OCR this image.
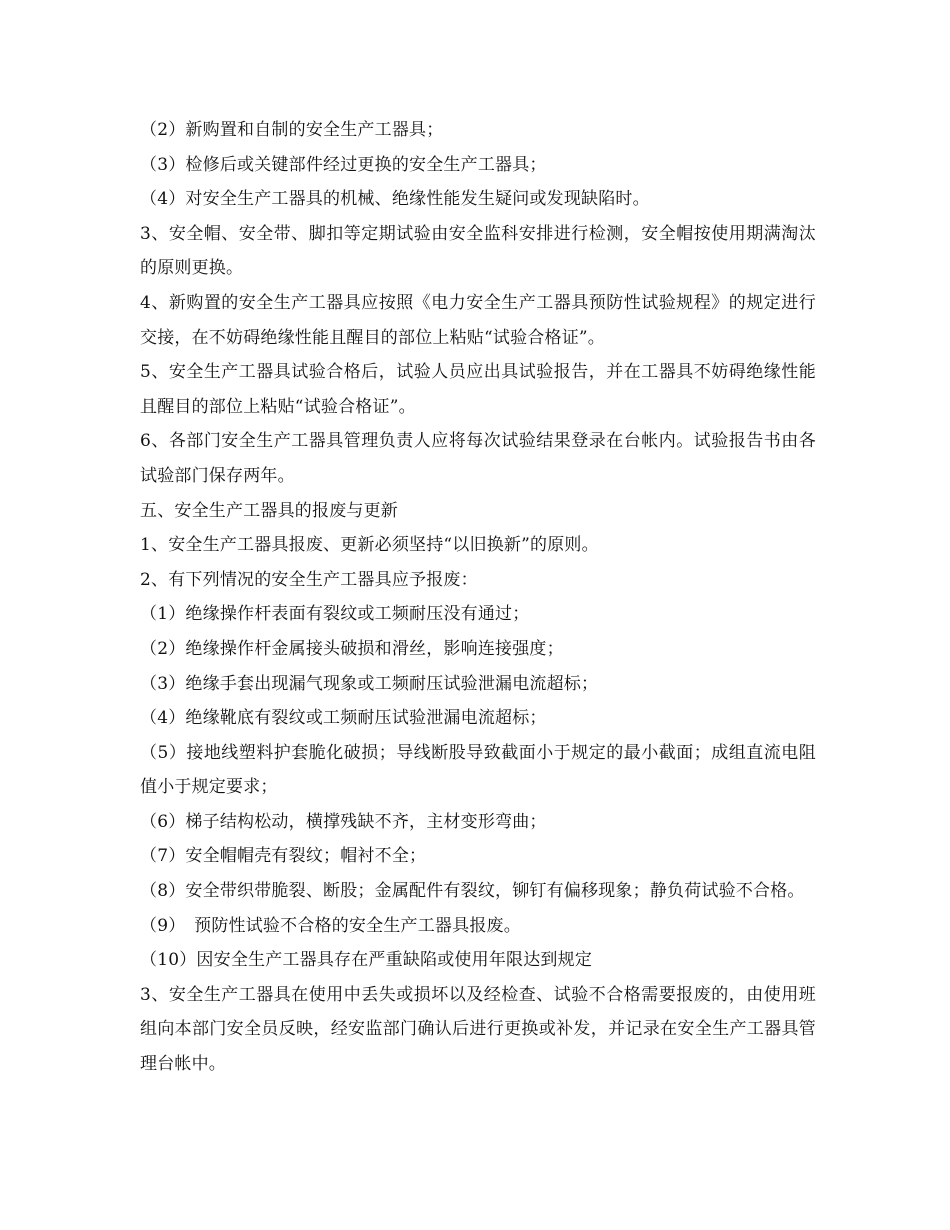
（2）新购置和自制的安全生产工器具；

（3）检修后或关键部件经过更换的安全生产工器具；

（4）对安全生产工器具的机械、绝缘性能发生疑问或发现缺陷时。

3、安全帽、安全带、脚扣等定期试验由安全监科安排进行检测，安全帽按使用期满淘汰的原则更换。

4、新购置的安全生产工器具应按照《电力安全生产工器具预防性试验规程》的规定进行交接，在不妨碍绝缘性能且醒目的部位上粘贴“试验合格证”。

5、安全生产工器具试验合格后，试验人员应出具试验报告，并在工器具不妨碍绝缘性能且醒目的部位上粘贴“试验合格证”。

6、各部门安全生产工器具管理负责人应将每次试验结果登录在台帐内。试验报告书由各试验部门保存两年。

五、安全生产工器具的报废与更新

1、安全生产工器具报废、更新必须坚持“以旧换新”的原则。

2、有下列情况的安全生产工器具应予报废：

（1）绝缘操作杆表面有裂纹或工频耐压没有通过；

（2）绝缘操作杆金属接头破损和滑丝，影响连接强度；

（3）绝缘手套出现漏气现象或工频耐压试验泄漏电流超标；

（4）绝缘靴底有裂纹或工频耐压试验泄漏电流超标；

（5）接地线塑料护套脆化破损；导线断股导致截面小于规定的最小截面；成组直流电阻值小于规定要求；

（6）梯子结构松动，横撑残缺不齐，主材变形弯曲；

（7）安全帽帽壳有裂纹；帽衬不全；

（8）安全带织带脆裂、断股；金属配件有裂纹，铆钉有偏移现象；静负荷试验不合格。

（9）　预防性试验不合格的安全生产工器具报废。

（10）因安全生产工器具存在严重缺陷或使用年限达到规定

3、安全生产工器具在使用中丢失或损坏以及经检查、试验不合格需要报废的，由使用班组向本部门安全员反映，经安监部门确认后进行更换或补发，并记录在安全生产工器具管理台帐中。
